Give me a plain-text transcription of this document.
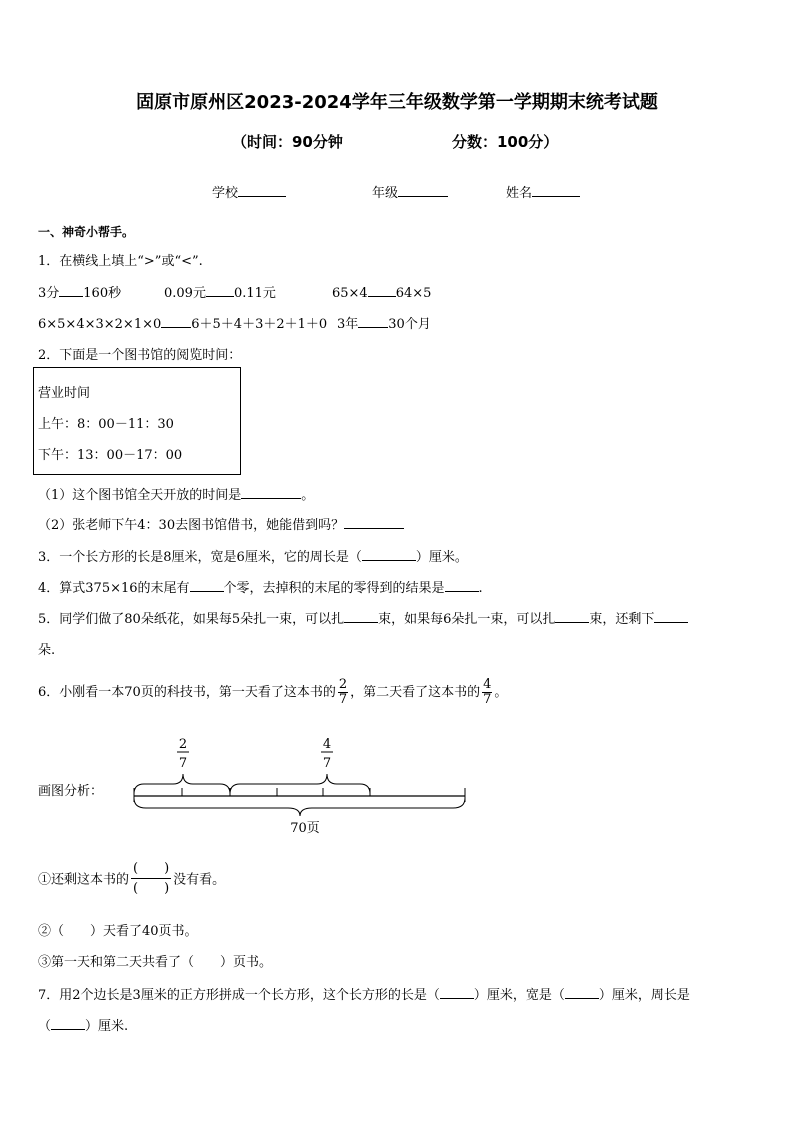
固原市原州区2023-2024学年三年级数学第一学期期末统考试题
（时间：90分钟	分数：100分）
学校	年级	姓名
一、神奇小帮手。
1．在横线上填上“>”或“<”.
3分 160秒	0.09元 0.11元	65×4 64×5
6×5×4×3×2×1×0 6＋5＋4＋3＋2＋1＋0 3年 30个月
2．下面是一个图书馆的阅览时间：
营业时间
上午：8：00－11：30
下午：13：00－17：00
（1）这个图书馆全天开放的时间是	。
（2）张老师下午4：30去图书馆借书，她能借到吗？
3．一个长方形的长是8厘米，宽是6厘米，它的周长是（	）厘米。
4．算式375×16的末尾有	个零，去掉积的末尾的零得到的结果是	.
5．同学们做了80朵纸花，如果每5朵扎一束，可以扎	束，如果每6朵扎一束，可以扎	束，还剩下
朵.
6．小刚看一本70页的科技书，第一天看了这本书的 $\frac{2}{7}$ ，第二天看了这本书的 $\frac{4}{7}$ 。
画图分析：
2
7
4
7
70页
①还剩这本书的 $\frac{( )}{( )}$ 没有看。
②（　　）天看了40页书。
③第一天和第二天共看了（　　）页书。
7．用2个边长是3厘米的正方形拼成一个长方形，这个长方形的长是（	）厘米，宽是（	）厘米，周长是
（	）厘米.
